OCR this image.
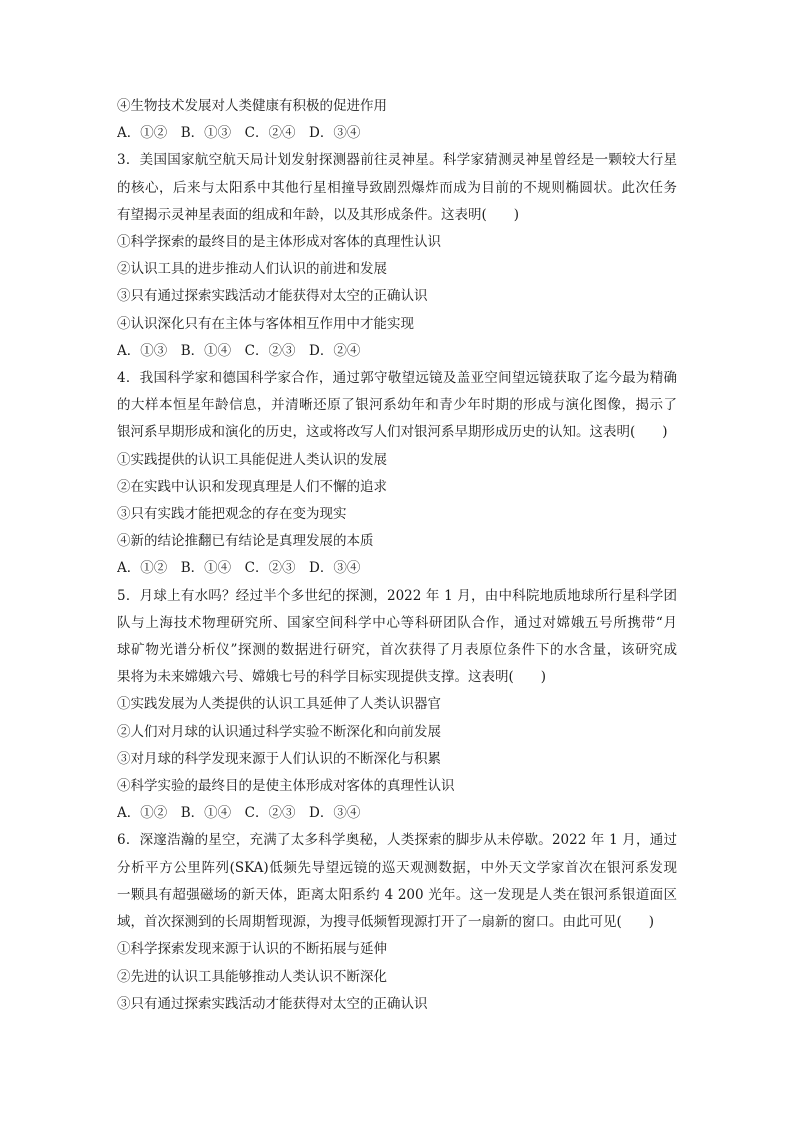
④生物技术发展对人类健康有积极的促进作用
A．①②　B．①③　C．②④　D．③④
3．美国国家航空航天局计划发射探测器前往灵神星。科学家猜测灵神星曾经是一颗较大行星
的核心，后来与太阳系中其他行星相撞导致剧烈爆炸而成为目前的不规则椭圆状。此次任务
有望揭示灵神星表面的组成和年龄，以及其形成条件。这表明(　　)
①科学探索的最终目的是主体形成对客体的真理性认识
②认识工具的进步推动人们认识的前进和发展
③只有通过探索实践活动才能获得对太空的正确认识
④认识深化只有在主体与客体相互作用中才能实现
A．①③　B．①④　C．②③　D．②④
4．我国科学家和德国科学家合作，通过郭守敬望远镜及盖亚空间望远镜获取了迄今最为精确
的大样本恒星年龄信息，并清晰还原了银河系幼年和青少年时期的形成与演化图像，揭示了
银河系早期形成和演化的历史，这或将改写人们对银河系早期形成历史的认知。这表明(　　)
①实践提供的认识工具能促进人类认识的发展
②在实践中认识和发现真理是人们不懈的追求
③只有实践才能把观念的存在变为现实
④新的结论推翻已有结论是真理发展的本质
A．①②　B．①④　C．②③　D．③④
5．月球上有水吗？经过半个多世纪的探测，2022 年 1 月，由中科院地质地球所行星科学团
队与上海技术物理研究所、国家空间科学中心等科研团队合作，通过对嫦娥五号所携带“月
球矿物光谱分析仪”探测的数据进行研究，首次获得了月表原位条件下的水含量，该研究成
果将为未来嫦娥六号、嫦娥七号的科学目标实现提供支撑。这表明(　　)
①实践发展为人类提供的认识工具延伸了人类认识器官
②人们对月球的认识通过科学实验不断深化和向前发展
③对月球的科学发现来源于人们认识的不断深化与积累
④科学实验的最终目的是使主体形成对客体的真理性认识
A．①②　B．①④　C．②③　D．③④
6．深邃浩瀚的星空，充满了太多科学奥秘，人类探索的脚步从未停歇。2022 年 1 月，通过
分析平方公里阵列(SKA)低频先导望远镜的巡天观测数据，中外天文学家首次在银河系发现
一颗具有超强磁场的新天体，距离太阳系约 4 200 光年。这一发现是人类在银河系银道面区
域，首次探测到的长周期暂现源，为搜寻低频暂现源打开了一扇新的窗口。由此可见(　　)
①科学探索发现来源于认识的不断拓展与延伸
②先进的认识工具能够推动人类认识不断深化
③只有通过探索实践活动才能获得对太空的正确认识
